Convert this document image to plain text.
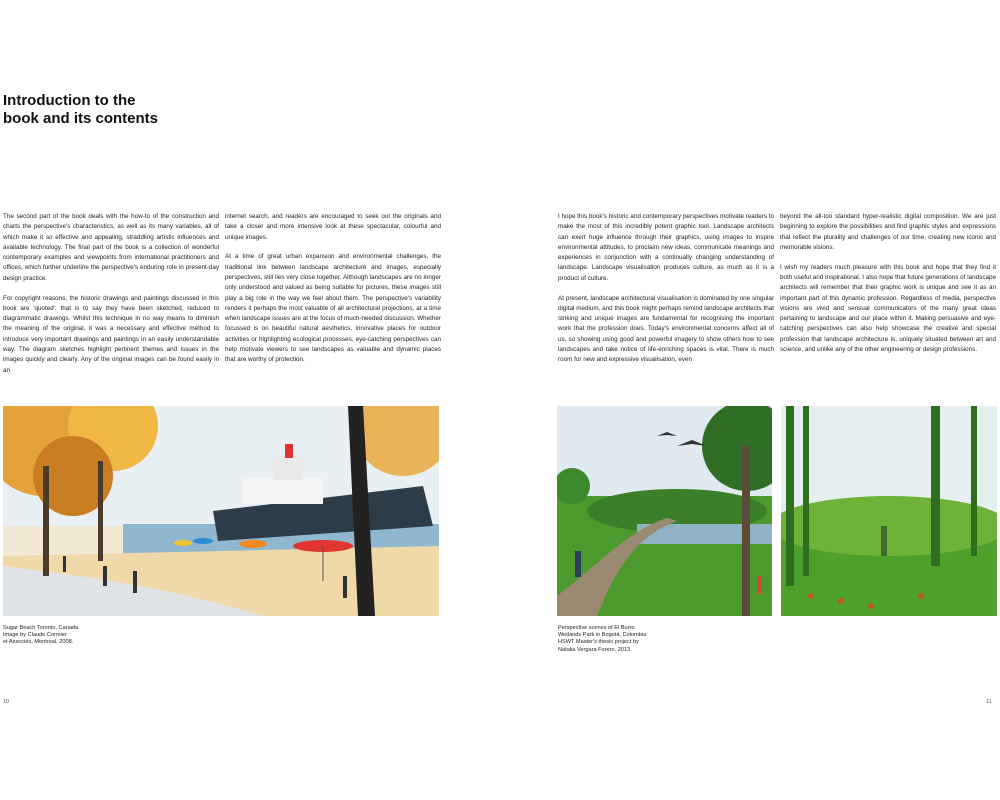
Introduction to the
book and its contents

The second part of the book deals with the how-to of the construction and charts the perspective's characteristics, as well as its many variables, all of which make it so effective and appealing, straddling artistic influences and available technology. The final part of the book is a collection of wonderful contemporary examples and viewpoints from international practitioners and offices, which further underline the perspective's enduring role in present-day design practice.

For copyright reasons, the historic drawings and paintings discussed in this book are 'quoted', that is to say they have been sketched, reduced to diagrammatic drawings. Whilst this technique in no way means to diminish the meaning of the original, it was a necessary and effective method to introduce very important drawings and paintings in an easily understandable way. The diagram sketches highlight pertinent themes and issues in the images quickly and clearly. Any of the original images can be found easily in an

internet search, and readers are encouraged to seek out the originals and take a closer and more intensive look at these spectacular, colourful and unique images.

At a time of great urban expansion and environmental challenges, the traditional link between landscape architecture and images, especially perspectives, still lies very close together. Although landscapes are no longer only understood and valued as being suitable for pictures, these images still play a big role in the way we feel about them. The perspective's variability renders it perhaps the most valuable of all architectural projections, at a time when landscape issues are at the focus of much-needed discussion. Whether focussed is on beautiful natural aesthetics, innovative places for outdoor activities or highlighting ecological processes, eye-catching perspectives can help motivate viewers to see landscapes as valuable and dynamic places that are worthy of protection.

I hope this book's historic and contemporary perspectives motivate readers to make the most of this incredibly potent graphic tool. Landscape architects can exert huge influence through their graphics, using images to inspire environmental attitudes, to proclaim new ideas, communicate meanings and experiences in conjunction with a continually changing understanding of landscape. Landscape visualisation produces culture, as much as it is a product of culture.

At present, landscape architectural visualisation is dominated by one singular digital medium, and this book might perhaps remind landscape architects that striking and unique images are fundamental for recognising the important work that the profession does. Today's environmental concerns affect all of us, so showing using good and powerful imagery to show others how to see landscapes and take notice of life-enriching spaces is vital. There is much room for new and expressive visualisation, even

beyond the all-too standard hyper-realistic digital composition. We are just beginning to explore the possibilities and find graphic styles and expressions that reflect the plurality and challenges of our time, creating new iconic and memorable visions.

I wish my readers much pleasure with this book and hope that they find it both useful and inspirational. I also hope that future generations of landscape architects will remember that their graphic work is unique and see it as an important part of this dynamic profession. Regardless of media, perspective visions are vivid and sensual communicators of the many great ideas pertaining to landscape and our place within it. Making persuasive and eye-catching perspectives can also help showcase the creative and special profession that landscape architecture is, uniquely situated between art and science, and unlike any of the other engineering or design professions.

Sugar Beach Toronto, Canada.
Image by Claude Cormier
et Associés, Montreal, 2008.
Perspective scenes of El Burro
Wetlands Park in Bogotá, Colombia
HSWT Master's thesis project by
Natalia Vergara Forero, 2013.
10	11
